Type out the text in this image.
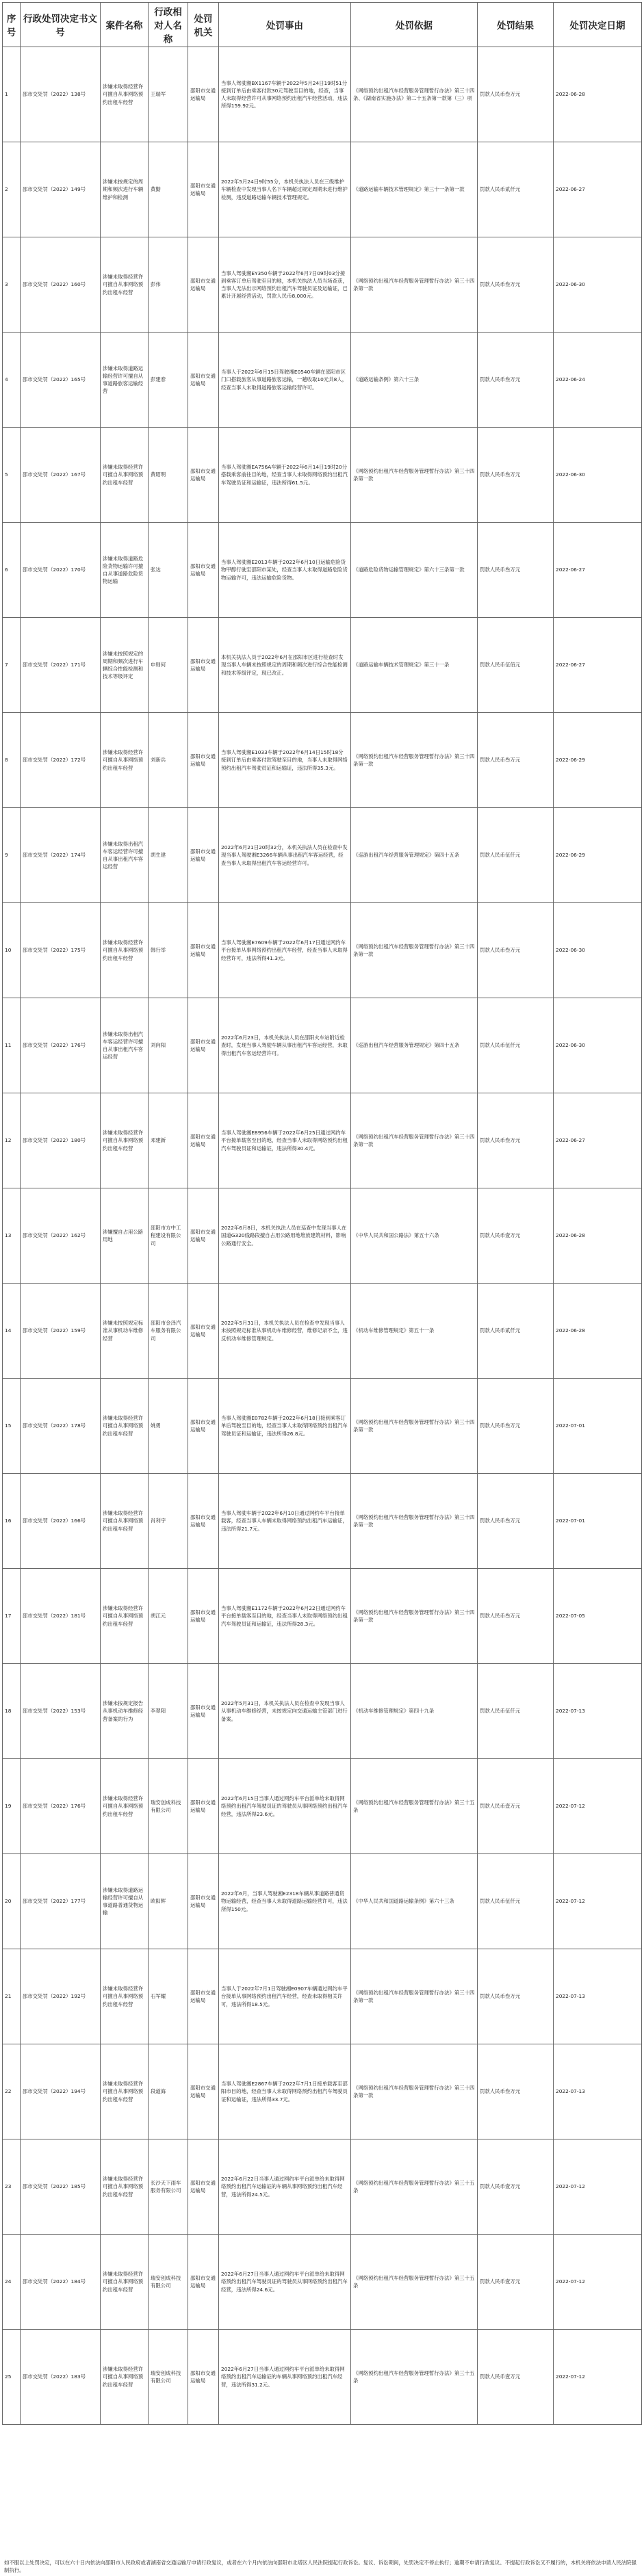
序号	行政处罚决定书文号	案件名称	行政相对人名称	处罚机关	处罚事由	处罚依据	处罚结果	处罚决定日期
1	邵市交处罚（2022）138号	涉嫌未取得经营许可擅自从事网络预约出租车经营	王瑞军	邵阳市交通运输局	当事人驾驶湘BX1167车辆于2022年5月24日19时51分接到订单后由乘客付款30元驾驶至目的地，经查，当事人未取得经营许可从事网络预约出租汽车经营活动，违法所得159.92元。	《网络预约出租汽车经营服务管理暂行办法》第三十四条、《湖南省实施办法》第二十五条第一款第（三）项	罚款人民币叁万元	2022-06-28
2	邵市交处罚（2022）149号	涉嫌未按规定的周期和频次进行车辆维护和检测	黄勤	邵阳市交通运输局	2022年5月24日9时55分，本机关执法人员在三级维护车辆检查中发现当事人名下车辆超过规定周期未进行维护检测，违反道路运输车辆技术管理规定。	《道路运输车辆技术管理规定》第三十一条第一款	罚款人民币贰仟元	2022-06-27
3	邵市交处罚（2022）160号	涉嫌未取得经营许可擅自从事网络预约出租车经营	彭伟	邵阳市交通运输局	当事人驾驶湘EY350车辆于2022年6月7日09时03分接到乘客订单后驾驶至目的地，本机关执法人员当场查获，当事人无法出示网络预约出租汽车驾驶员证及运输证，已累计开展经营活动，罚款人民币8,000元。	《网络预约出租汽车经营服务管理暂行办法》第三十四条第一款	罚款人民币叁万元	2022-06-30
4	邵市交处罚（2022）165号	涉嫌未取得道路运输经营许可擅自从事道路旅客运输经营	彭建春	邵阳市交通运输局	当事人于2022年6月15日驾驶湘E0540车辆在邵阳市区门口搭载旅客从事道路旅客运输，一趟收取10元共8人，经查当事人未取得道路旅客运输经营许可。	《道路运输条例》第六十三条	罚款人民币叁万元	2022-06-24
5	邵市交处罚（2022）167号	涉嫌未取得经营许可擅自从事网络预约出租车经营	黄昭明	邵阳市交通运输局	当事人驾驶湘EA756A车辆于2022年6月14日19时20分搭载乘客前往目的地，经查当事人未取得网络预约出租汽车驾驶员证和运输证，违法所得61.5元。	《网络预约出租汽车经营服务管理暂行办法》第三十四条第一款	罚款人民币叁万元	2022-06-30
6	邵市交处罚（2022）170号	涉嫌未取得道路危险货物运输许可擅自从事道路危险货物运输	张达	邵阳市交通运输局	当事人驾驶湘E2013车辆于2022年6月10日运输危险货物甲醇行驶至邵阳市某处，经查当事人未取得道路危险货物运输许可，违法运输危险货物。	《道路危险货物运输管理规定》第六十三条第一款	罚款人民币叁万元	2022-06-27
7	邵市交处罚（2022）171号	涉嫌未按照规定的周期和频次进行车辆综合性能检测和技术等级评定	申则何	邵阳市交通运输局	本机关执法人员于2022年6月在邵阳市区进行检查时发现当事人车辆未按照规定的周期和频次进行综合性能检测和技术等级评定，现已改正。	《道路运输车辆技术管理规定》第三十一条	罚款人民币伍佰元	2022-06-27
8	邵市交处罚（2022）172号	涉嫌未取得经营许可擅自从事网络预约出租车经营	刘新兵	邵阳市交通运输局	当事人驾驶湘E1033车辆于2022年6月14日15时18分接到订单后由乘客付款驾驶至目的地，当事人未取得网络预约出租汽车驾驶员证和运输证，违法所得35.3元。	《网络预约出租汽车经营服务管理暂行办法》第三十四条第一款	罚款人民币叁万元	2022-06-29
9	邵市交处罚（2022）174号	涉嫌未取得出租汽车客运经营许可擅自从事出租汽车客运经营	胡生建	邵阳市交通运输局	2022年6月21日20时32分，本机关执法人员在检查中发现当事人驾驶湘E3266车辆从事出租汽车客运经营，经查当事人未取得出租汽车客运经营许可。	《巡游出租汽车经营服务管理规定》第四十五条	罚款人民币伍仟元	2022-06-29
10	邵市交处罚（2022）175号	涉嫌未取得经营许可擅自从事网络预约出租车经营	韩行举	邵阳市交通运输局	当事人驾驶湘E7609车辆于2022年6月17日通过网约车平台接单从事网络预约出租汽车经营，经查当事人未取得经营许可，违法所得41.3元。	《网络预约出租汽车经营服务管理暂行办法》第三十四条第一款	罚款人民币叁万元	2022-06-30
11	邵市交处罚（2022）176号	涉嫌未取得出租汽车客运经营许可擅自从事出租汽车客运经营	刘向阳	邵阳市交通运输局	2022年6月23日，本机关执法人员在邵阳火车站附近检查时，发现当事人驾驶车辆从事出租汽车客运经营，未取得出租汽车客运经营许可。	《巡游出租汽车经营服务管理规定》第四十五条	罚款人民币伍仟元	2022-06-30
12	邵市交处罚（2022）180号	涉嫌未取得经营许可擅自从事网络预约出租车经营	邓建新	邵阳市交通运输局	当事人驾驶湘E8956车辆于2022年6月25日通过网约车平台接单载客至目的地，经查当事人未取得网络预约出租汽车驾驶员证和运输证，违法所得30.4元。	《网络预约出租汽车经营服务管理暂行办法》第三十四条第一款	罚款人民币叁万元	2022-06-27
13	邵市交处罚（2022）162号	涉嫌擅自占用公路用地	邵阳市方中工程建设有限公司	邵阳市交通运输局	2022年6月8日，本机关执法人员在巡查中发现当事人在国道G320线路段擅自占用公路用地堆放建筑材料，影响公路通行安全。	《中华人民共和国公路法》第五十六条	罚款人民币壹万元	2022-06-28
14	邵市交处罚（2022）159号	涉嫌未按照规定标准从事机动车维修经营	邵阳市金泽汽车服务有限公司	邵阳市交通运输局	2022年5月31日，本机关执法人员在检查中发现当事人未按照规定标准从事机动车维修经营，维修记录不全，违反机动车维修管理规定。	《机动车维修管理规定》第五十一条	罚款人民币贰仟元	2022-06-28
15	邵市交处罚（2022）178号	涉嫌未取得经营许可擅自从事网络预约出租车经营	姚勇	邵阳市交通运输局	当事人驾驶湘E0782车辆于2022年6月18日接到乘客订单后驾驶至目的地，经查当事人未取得网络预约出租汽车驾驶员证和运输证，违法所得26.8元。	《网络预约出租汽车经营服务管理暂行办法》第三十四条第一款	罚款人民币叁万元	2022-07-01
16	邵市交处罚（2022）166号	涉嫌未取得经营许可擅自从事网络预约出租车经营	肖利宇	邵阳市交通运输局	当事人驾驶车辆于2022年6月10日通过网约车平台接单载客，经查当事人车辆未取得网络预约出租汽车运输证，违法所得21.7元。	《网络预约出租汽车经营服务管理暂行办法》第三十四条第一款	罚款人民币叁万元	2022-07-01
17	邵市交处罚（2022）181号	涉嫌未取得经营许可擅自从事网络预约出租车经营	胡江元	邵阳市交通运输局	当事人驾驶湘E1172车辆于2022年6月22日通过网约车平台接单载客至目的地，经查当事人未取得网络预约出租汽车驾驶员证和运输证，违法所得28.3元。	《网络预约出租汽车经营服务管理暂行办法》第三十四条第一款	罚款人民币叁万元	2022-07-05
18	邵市交处罚（2022）153号	涉嫌未按规定报告从事机动车维修经营备案的行为	李翠阳	邵阳市交通运输局	2022年5月31日，本机关执法人员在检查中发现当事人从事机动车维修经营，未按规定向交通运输主管部门进行备案。	《机动车维修管理规定》第四十九条	罚款人民币伍仟元	2022-07-13
19	邵市交处罚（2022）176号	涉嫌未取得经营许可擅自从事网络预约出租车经营	瑞安创成科技有限公司	邵阳市交通运输局	2022年6月15日当事人通过网约车平台派单给未取得网络预约出租汽车驾驶员证的驾驶员从事网络预约出租汽车经营，违法所得23.6元。	《网络预约出租汽车经营服务管理暂行办法》第三十五条	罚款人民币壹万元	2022-07-12
20	邵市交处罚（2022）177号	涉嫌未取得道路运输经营许可擅自从事道路普通货物运输	欧阳辉	邵阳市交通运输局	2022年6月，当事人驾驶湘E2318车辆从事道路普通货物运输经营，经查当事人未取得道路运输经营许可，违法所得150元。	《中华人民共和国道路运输条例》第六十三条	罚款人民币伍仟元	2022-07-12
21	邵市交处罚（2022）192号	涉嫌未取得经营许可擅自从事网络预约出租车经营	石军耀	邵阳市交通运输局	当事人于2022年7月1日驾驶湘E0907车辆通过网约车平台接单从事网络预约出租汽车经营，经查未取得相关许可，违法所得18.5元。	《网络预约出租汽车经营服务管理暂行办法》第三十四条第一款	罚款人民币叁万元	2022-07-13
22	邵市交处罚（2022）194号	涉嫌未取得经营许可擅自从事网络预约出租车经营	段道海	邵阳市交通运输局	当事人驾驶湘E2867车辆于2022年7月1日接单载客至邵阳市目的地，经查当事人未取得网络预约出租汽车驾驶员证和运输证，违法所得33.7元。	《网络预约出租汽车经营服务管理暂行办法》第三十四条第一款	罚款人民币叁万元	2022-07-13
23	邵市交处罚（2022）185号	涉嫌未取得经营许可擅自从事网络预约出租车经营	长沙天下雨车服务有限公司	邵阳市交通运输局	2022年6月22日当事人通过网约车平台派单给未取得网络预约出租汽车运输证的车辆从事网络预约出租汽车经营，违法所得24.5元。	《网络预约出租汽车经营服务管理暂行办法》第三十五条	罚款人民币壹万元	2022-07-12
24	邵市交处罚（2022）184号	涉嫌未取得经营许可擅自从事网络预约出租车经营	瑞安创成科技有限公司	邵阳市交通运输局	2022年6月27日当事人通过网约车平台派单给未取得网络预约出租汽车驾驶员证的驾驶员从事网络预约出租汽车经营，违法所得24.6元。	《网络预约出租汽车经营服务管理暂行办法》第三十五条	罚款人民币壹万元	2022-07-12
25	邵市交处罚（2022）183号	涉嫌未取得经营许可擅自从事网络预约出租车经营	瑞安创成科技有限公司	邵阳市交通运输局	2022年6月27日当事人通过网约车平台派单给未取得网络预约出租汽车运输证的车辆从事网络预约出租汽车经营，违法所得31.2元。	《网络预约出租汽车经营服务管理暂行办法》第三十五条	罚款人民币壹万元	2022-07-12
如不服以上处罚决定，可以在六十日内依法向邵阳市人民政府或者湖南省交通运输厅申请行政复议，或者在六个月内依法向邵阳市北塔区人民法院提起行政诉讼。复议、诉讼期间，处罚决定不停止执行；逾期不申请行政复议、不提起行政诉讼又不履行的，本机关将依法申请人民法院强制执行。
